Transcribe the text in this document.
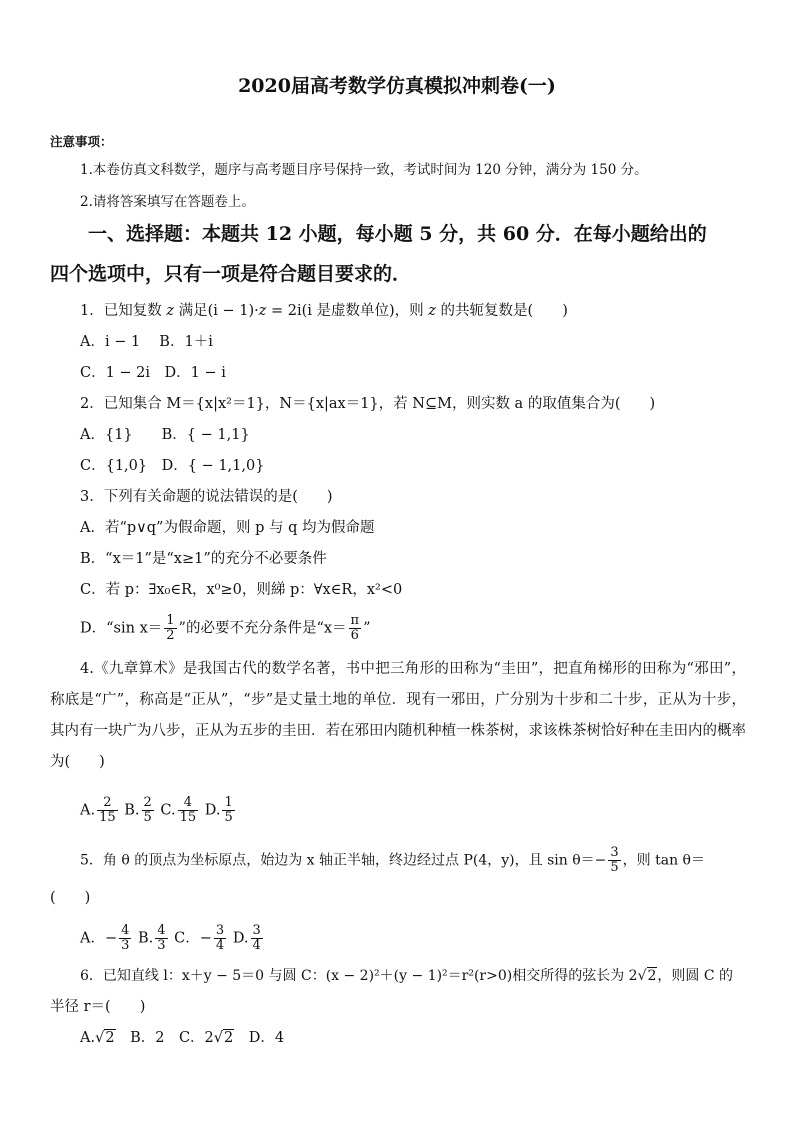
2020届高考数学仿真模拟冲刺卷(一)
注意事项：
1.本卷仿真文科数学，题序与高考题目序号保持一致，考试时间为 120 分钟，满分为 150 分。
2.请将答案填写在答题卷上。
一、选择题：本题共 12 小题，每小题 5 分，共 60 分．在每小题给出的
四个选项中，只有一项是符合题目要求的．
1．已知复数 z 满足(i − 1)·z = 2i(i 是虚数单位)，则 z 的共轭复数是(　　)
A．i − 1　 B．1＋i
C．1 − 2i　D．1 − i
2．已知集合 M＝{x|x²＝1}，N＝{x|ax＝1}，若 N⊆M，则实数 a 的取值集合为(　　)
A．{1}　　B．{ − 1,1}
C．{1,0}　D．{ − 1,1,0}
3．下列有关命题的说法错误的是(　　)
A．若“p∨q”为假命题，则 p 与 q 均为假命题
B．“x＝1”是“x≥1”的充分不必要条件
C．若 p：∃x₀∈R，x⁰≥0，则綈 p：∀x∈R，x²<0
D．“sin $x= \frac{1}{2}$ ”的必要不充分条件是“$x= \frac{\pi}{6}$ ”
4.《九章算术》是我国古代的数学名著，书中把三角形的田称为“圭田”，把直角梯形的田称为“邪田”，称底是“广”，称高是“正从”，“步”是丈量土地的单位．现有一邪田，广分别为十步和二十步，正从为十步，其内有一块广为八步，正从为五步的圭田．若在邪田内随机种植一株茶树，求该株茶树恰好种在圭田内的概率为(　　)
A. $\frac{2}{15} B$. $\frac{2}{5} C$. $\frac{4}{15} D$. $\frac{1}{5}$
5．角 θ 的顶点为坐标原点，始边为 x 轴正半轴，终边经过点 P(4，y)，且 $\sin \theta=- \frac{3}{5}$ ，则 tan θ＝
(　　)
A．− $\frac{4}{3} B$. $\frac{4}{3}$ C．− $\frac{3}{4} D$. $\frac{3}{4}$
6．已知直线 l：x＋y − 5＝0 与圆 C：(x − 2)²＋(y − 1)²＝r²(r>0)相交所得的弦长为 2√2，则圆 C 的
半径 r＝(　　)
A.√2　B．2　C．2√2　D．4
